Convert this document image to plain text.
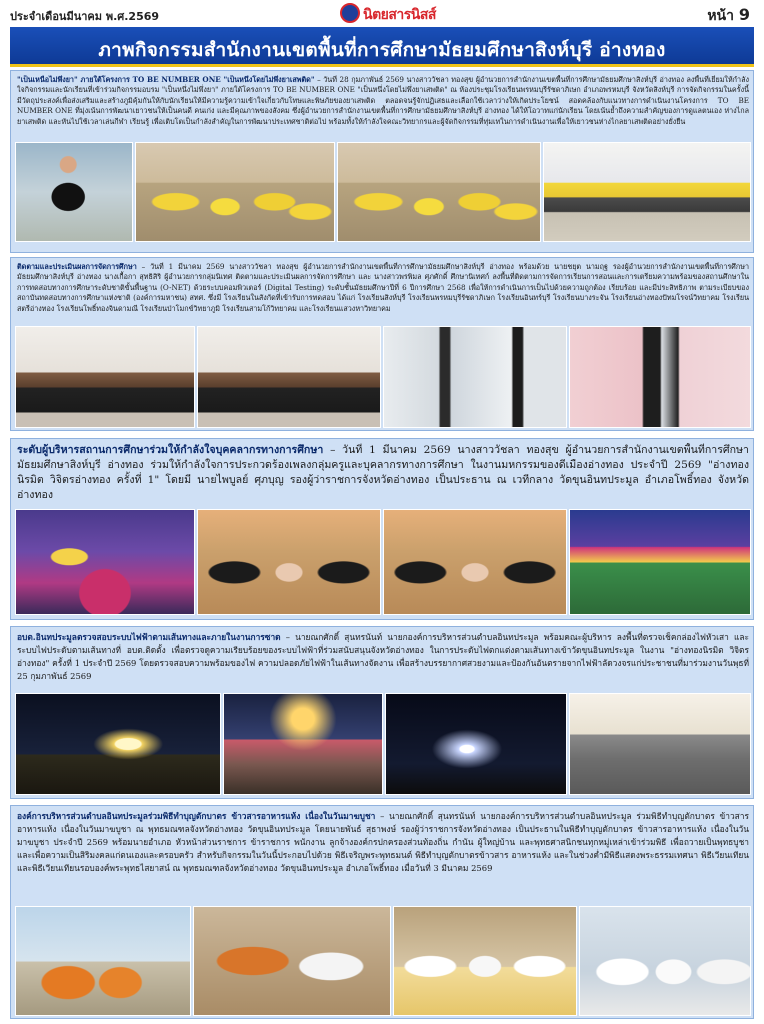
ประจำเดือนมีนาคม พ.ศ.2569	นิตยสารนิสส์	หน้า 9
ภาพกิจกรรมสำนักงานเขตพื้นที่การศึกษามัธยมศึกษาสิงห์บุรี อ่างทอง
"เป็นเหนือไม่พึ่งยา" ภายใต้โครงการ TO BE NUMBER ONE "เป็นหนึ่งโดยไม่พึ่งยาเสพติด" – วันที่ 28 กุมภาพันธ์ 2569 นางสาววัชลา ทองสุข ผู้อำนวยการสำนักงานเขตพื้นที่การศึกษามัธยมศึกษาสิงห์บุรี อ่างทอง ลงพื้นที่เยี่ยมให้กำลังใจกิจกรรมและนักเรียนที่เข้าร่วมกิจกรรมอบรม "เป็นหนึ่งไม่พึ่งยา" ภายใต้โครงการ TO BE NUMBER ONE "เป็นหนึ่งโดยไม่พึ่งยาเสพติด" ณ ห้องประชุมโรงเรียนพรหมบุรีรัชดาภิเษก อำเภอพรหมบุรี จังหวัดสิงห์บุรี การจัดกิจกรรมในครั้งนี้มีวัตถุประสงค์เพื่อส่งเสริมและสร้างภูมิคุ้มกันให้กับนักเรียนให้มีความรู้ความเข้าใจเกี่ยวกับโทษและพิษภัยของยาเสพติด ตลอดจนรู้จักปฏิเสธและเลือกใช้เวลาว่างให้เกิดประโยชน์ สอดคล้องกับแนวทางการดำเนินงานโครงการ TO BE NUMBER ONE ที่มุ่งเน้นการพัฒนาเยาวชนให้เป็นคนดี คนเก่ง และมีคุณภาพของสังคม ซึ่งผู้อำนวยการสำนักงานเขตพื้นที่การศึกษามัธยมศึกษาสิงห์บุรี อ่างทอง ได้ให้โอวาทแก่นักเรียน โดยเน้นย้ำถึงความสำคัญของการดูแลตนเอง ห่างไกลยาเสพติด และหันไปใช้เวลาเล่นกีฬา เรียนรู้ เพื่อเติบโตเป็นกำลังสำคัญในการพัฒนาประเทศชาติต่อไป พร้อมทั้งให้กำลังใจคณะวิทยากรและผู้จัดกิจกรรมที่ทุ่มเทในการดำเนินงานเพื่อให้เยาวชนห่างไกลยาเสพติดอย่างยั่งยืน
ติดตามและประเมินผลการจัดการศึกษา – วันที่ 1 มีนาคม 2569 นางสาววัชลา ทองสุข ผู้อำนวยการสำนักงานเขตพื้นที่การศึกษามัธยมศึกษาสิงห์บุรี อ่างทอง พร้อมด้วย นายชยุต นามฤฐ รองผู้อำนวยการสำนักงานเขตพื้นที่การศึกษามัธยมศึกษาสิงห์บุรี อ่างทอง นางเกื้อกา สุทธิสิริ ผู้อำนวยการกลุ่มนิเทศ ติดตามและประเมินผลการจัดการศึกษา และ นางสาวพรพิมล ศุภศักดิ์ ศึกษานิเทศก์ ลงพื้นที่ติดตามการจัดการเรียนการสอนและการเตรียมความพร้อมของสถานศึกษาในการทดสอบทางการศึกษาระดับชาติขั้นพื้นฐาน (O-NET) ด้วยระบบคอมพิวเตอร์ (Digital Testing) ระดับชั้นมัธยมศึกษาปีที่ 6 ปีการศึกษา 2568 เพื่อให้การดำเนินการเป็นไปด้วยความถูกต้อง เรียบร้อย และมีประสิทธิภาพ ตามระเบียบของสถาบันทดสอบทางการศึกษาแห่งชาติ (องค์การมหาชน) สทศ. ซึ่งมี โรงเรียนในสังกัดที่เข้ารับการทดสอบ ได้แก่ โรงเรียนสิงห์บุรี โรงเรียนพรหมบุรีรัชดาภิเษก โรงเรียนอินทร์บุรี โรงเรียนบางระจัน โรงเรียนอ่างทองปัทมโรจน์วิทยาคม โรงเรียนสตรีอ่างทอง โรงเรียนโพธิ์ทองจินดามณี โรงเรียนป่าโมกข์วิทยาภูมิ โรงเรียนสามโก้วิทยาคม และโรงเรียนแสวงหาวิทยาคม
ระดับผู้บริหารสถานการศึกษาร่วมให้กำลังใจบุคคลากรทางการศึกษา – วันที่ 1 มีนาคม 2569 นางสาววัชลา ทองสุข ผู้อำนวยการสำนักงานเขตพื้นที่การศึกษามัธยมศึกษาสิงห์บุรี อ่างทอง ร่วมให้กำลังใจการประกวดร้องเพลงกลุ่มครูและบุคลากรทางการศึกษา ในงานมหกรรมของดีเมืองอ่างทอง ประจำปี 2569 "อ่างทองนิรมิต วิจิตรอ่างทอง ครั้งที่ 1" โดยมี นายไพบูลย์ ศุภบุญ รองผู้ว่าราชการจังหวัดอ่างทอง เป็นประธาน ณ เวทีกลาง วัดขุนอินทประมูล อำเภอโพธิ์ทอง จังหวัดอ่างทอง
อบต.อินทประมูลตรวจสอบระบบไฟฟ้าตามเส้นทางและภายในงานการซาด – นายณกศักดิ์ สุนทรนันท์ นายกองค์การบริหารส่วนตำบลอินทประมูล พร้อมคณะผู้บริหาร ลงพื้นที่ตรวจเช็คกล่องไฟหัวเสา และระบบไฟประดับตามเส้นทางที่ อบต.ติดตั้ง เพื่อตรวจดูความเรียบร้อยของระบบไฟฟ้าที่ร่วมสนับสนุนจังหวัดอ่างทอง ในการประดับไฟตกแต่งตามเส้นทางเข้าวัดขุนอินทประมูล ในงาน "อ่างทองนิรมิต วิจิตรอ่างทอง" ครั้งที่ 1 ประจำปี 2569 โดยตรวจสอบความพร้อมของไฟ ความปลอดภัยไฟฟ้าในเส้นทางจัดงาน เพื่อสร้างบรรยากาศสวยงามและป้องกันอันตรายจากไฟฟ้าลัดวงจรแก่ประชาชนที่มาร่วมงานวันพุธที่ 25 กุมภาพันธ์ 2569
องค์การบริหารส่วนตำบลอินทประมูลร่วมพิธีทำบุญตักบาตร ข้าวสารอาหารแห้ง เนื่องในวันมาฆบูชา – นายณกศักดิ์ สุนทรนันท์ นายกองค์การบริหารส่วนตำบลอินทประมูล ร่วมพิธีทำบุญตักบาตร ข้าวสารอาหารแห้ง เนื่องในวันมาฆบูชา ณ พุทธมณฑลจังหวัดอ่างทอง วัดขุนอินทประมูล โดยนายพันธ์ สุธาพงษ์ รองผู้ว่าราชการจังหวัดอ่างทอง เป็นประธานในพิธีทำบุญตักบาตร ข้าวสารอาหารแห้ง เนื่องในวันมาฆบูชา ประจำปี 2569 พร้อมนายอำเภอ หัวหน้าส่วนราชการ ข้าราชการ พนักงาน ลูกจ้างองค์กรปกครองส่วนท้องถิ่น กำนัน ผู้ใหญ่บ้าน และพุทธศาสนิกชนทุกหมู่เหล่าเข้าร่วมพิธี เพื่อถวายเป็นพุทธบูชา และเพื่อความเป็นสิริมงคลแก่ตนเองและครอบครัว สำหรับกิจกรรมในวันนี้ประกอบไปด้วย พิธีเจริญพระพุทธมนต์ พิธีทำบุญตักบาตรข้าวสาร อาหารแห้ง และในช่วงค่ำมีพิธีแสดงพระธรรมเทศนา พิธีเวียนเทียน และพิธีเวียนเทียนรอบองค์พระพุทธไสยาสน์ ณ พุทธมณฑลจังหวัดอ่างทอง วัดขุนอินทประมูล อำเภอโพธิ์ทอง เมื่อวันที่ 3 มีนาคม 2569
